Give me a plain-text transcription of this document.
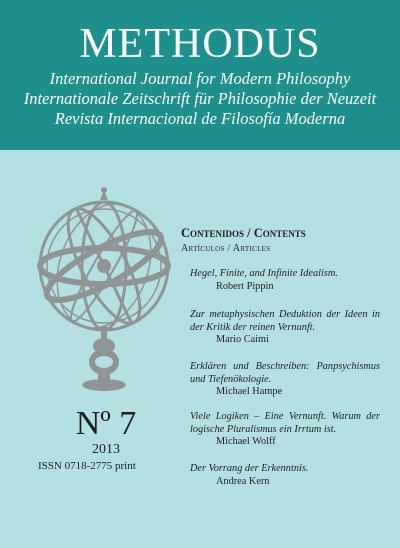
METHODUS
International Journal for Modern Philosophy
Internationale Zeitschrift für Philosophie der Neuzeit
Revista Internacional de Filosofía Moderna
Nº 7
2013
ISSN 0718-2775 print
Contenidos / Contents
Artículos / Articles
Hegel, Finite, and Infinite Idealism.
Robert Pippin
Zur metaphysischen Deduktion der Ideen in der Kritik der reinen Vernunft.
Mario Caimi
Erklären und Beschreiben: Panpsychismus und Tiefenökologie.
Michael Hampe
Viele Logiken – Eine Vernunft. Warum der logische Pluralismus ein Irrtum ist.
Michael Wolff
Der Vorrang der Erkenntnis.
Andrea Kern
